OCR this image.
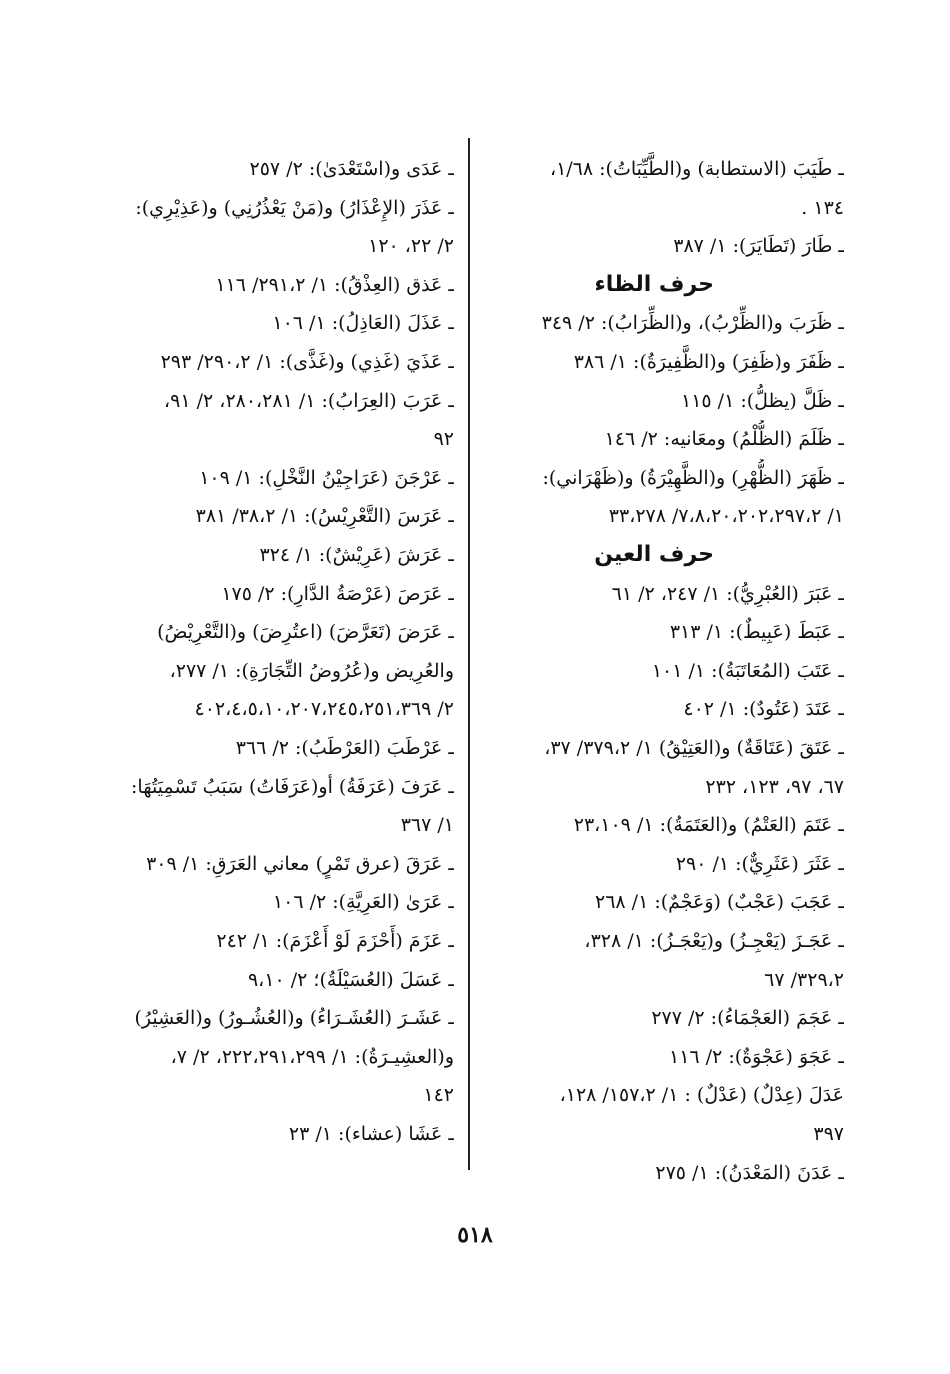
ـ طَيَبَ (الاستطابة) و(الطَّيِّبَاتُ): ١/٦٨،
١٣٤ .
ـ طَارَ (تَطَايَرَ): ١/ ٣٨٧
حرف الظاء
ـ ظَرَبَ و(الظِّرْبُ)، و(الظِّرَابُ): ٢/ ٣٤٩
ـ ظَفَرَ و(ظَفِرَ) و(الظَّفِيرَةُ): ١/ ٣٨٦
ـ ظَلَّ (يظلُّ): ١/ ١١٥
ـ ظَلَمَ (الظُّلْمُ) ومعَانيه: ٢/ ١٤٦
ـ ظَهَرَ (الظُّهْرِ) و(الظَّهِيْرَةُ) و(ظَهْرَاني):
١/ ٧،٨،٢٠،٢٠٢،٢٩٧،٢/ ٣٣،٢٧٨
حرف العين
ـ عَبَرَ (العُبْرِيُّ): ١/ ٢٤٧، ٢/ ٦١
ـ عَبَطَ (عَبِيطٌ): ١/ ٣١٣
ـ عَتَبَ (المُعَاتَبَةُ): ١/ ١٠١
ـ عَتَدَ (عَتُودٌ): ١/ ٤٠٢
ـ عَتَقَ (عَتَاقَةٌ) و(العَتِيْقُ) ١/ ٣٧٩،٢/ ٣٧،
٦٧، ٩٧، ١٢٣، ٢٣٢
ـ عَتَمَ (العَتْمُ) و(العَتَمَةُ): ١/ ٢٣،١٠٩
ـ عَثَرَ (عَثَرِيٌّ): ١/ ٢٩٠
ـ عَجَبَ (عَجْبٌ) (وَعَجْمٌ): ١/ ٢٦٨
ـ عَجَـزَ (يَعْجِـزُ) و(يَعْجَـزُ): ١/ ٣٢٨،
٣٢٩،٢/ ٦٧
ـ عَجَمَ (العَجْمَاءُ): ٢/ ٢٧٧
ـ عَجَوَ (عَجْوَةٌ): ٢/ ١١٦
عَدَلَ (عِدْلٌ) (عَدْلٌ) : ١/ ١٥٧،٢/ ١٢٨،
٣٩٧
ـ عَدَنَ (المَعْدَنُ): ١/ ٢٧٥
ـ عَدَى و(اسْتَعْدَىٰ): ٢/ ٢٥٧
ـ عَذَرَ (الإِعْذَارُ) و(مَنْ يَعْذُرُنِي) و(عَذِيْرِي):
٢/ ٢٢، ١٢٠
ـ عَذق (العِذْقُ): ١/ ٢٩١،٢/ ١١٦
ـ عَذَلَ (العَاذِلُ): ١/ ١٠٦
ـ عَذَيَ (غَذِي) و(غَذَّى): ١/ ٢٩٠،٢/ ٢٩٣
ـ عَرَبَ (العِرَابُ): ١/ ٢٨٠،٢٨١، ٢/ ٩١،
٩٢
ـ عَرْجَنَ (عَرَاجِيْنُ النَّخْلِ): ١/ ١٠٩
ـ عَرَسَ (التَّعْرِيْسُ): ١/ ٣٨،٢/ ٣٨١
ـ عَرَشَ (عَرِيْشٌ): ١/ ٣٢٤
ـ عَرَصَ (عَرْصَةُ الدَّارِ): ٢/ ١٧٥
ـ عَرَضَ (تَعَرَّضَ) (اعتُرِضَ) و(التَّعْرِيْضُ)
والعُرِيض و(عُرُوضُ التِّجَارَةِ): ١/ ٢٧٧،
٢/ ٤٠٢،٤،٥،١٠،٢٠٧،٢٤٥،٢٥١،٣٦٩
ـ عَرْطَبَ (العَرْطَبُ): ٢/ ٣٦٦
ـ عَرَفَ (عَرَفَةُ) أو(عَرَفَاتُ) سَبَبُ تَسْمِيَتُهَا:
١/ ٣٦٧
ـ عَرَقَ (عرق تَمْرٍ) معاني العَرَقِ: ١/ ٣٠٩
ـ عَرَىٰ (العَرِيَّةِ): ٢/ ١٠٦
ـ عَزَمَ (أَحْزَمَ لَوْ أَعْزَمَ): ١/ ٢٤٢
ـ عَسَلَ (العُسَيْلَةُ)؛ ٢/ ٩،١٠
ـ عَشَـرَ (العُشَـرَاءُ) و(العُشُـورُ) و(العَشِيْرُ)
و(العشِيـرَةُ): ١/ ٢٢٢،٢٩١،٢٩٩، ٢/ ٧،
١٤٢
ـ عَشَا (عشاء): ١/ ٢٣
٥١٨
